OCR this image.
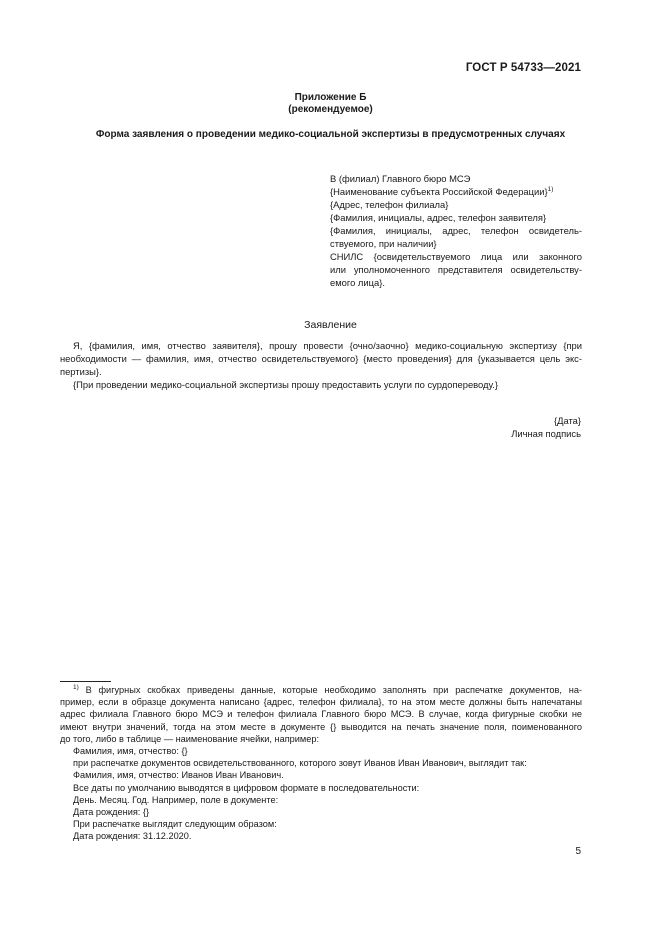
ГОСТ Р 54733—2021
Приложение Б
(рекомендуемое)
Форма заявления о проведении медико-социальной экспертизы в предусмотренных случаях
В (филиал) Главного бюро МСЭ
{Наименование субъекта Российской Федерации}$^{1)}$
{Адрес, телефон филиала}
{Фамилия, инициалы, адрес, телефон заявителя}
{Фамилия, инициалы, адрес, телефон освидетель-
ствуемого, при наличии}
СНИЛС {освидетельствуемого лица или законного
или уполномоченного представителя освидетельству-
емого лица}.
Заявление
Я, {фамилия, имя, отчество заявителя}, прошу провести {очно/заочно} медико-социальную экспертизу {при
необходимости — фамилия, имя, отчество освидетельствуемого} {место проведения} для {указывается цель экс-
пертизы}.
{При проведении медико-социальной экспертизы прошу предоставить услуги по сурдопереводу.}
{Дата}
Личная подпись
$^{1)}$ В фигурных скобках приведены данные, которые необходимо заполнять при распечатке документов, на-
пример, если в образце документа написано {адрес, телефон филиала}, то на этом месте должны быть напечатаны
адрес филиала Главного бюро МСЭ и телефон филиала Главного бюро МСЭ. В случае, когда фигурные скобки не
имеют внутри значений, тогда на этом месте в документе {} выводится на печать значение поля, поименованного
до того, либо в таблице — наименование ячейки, например:
Фамилия, имя, отчество: {}
при распечатке документов освидетельствованного, которого зовут Иванов Иван Иванович, выглядит так:
Фамилия, имя, отчество: Иванов Иван Иванович.
Все даты по умолчанию выводятся в цифровом формате в последовательности:
День. Месяц. Год. Например, поле в документе:
Дата рождения: {}
При распечатке выглядит следующим образом:
Дата рождения: 31.12.2020.
5
